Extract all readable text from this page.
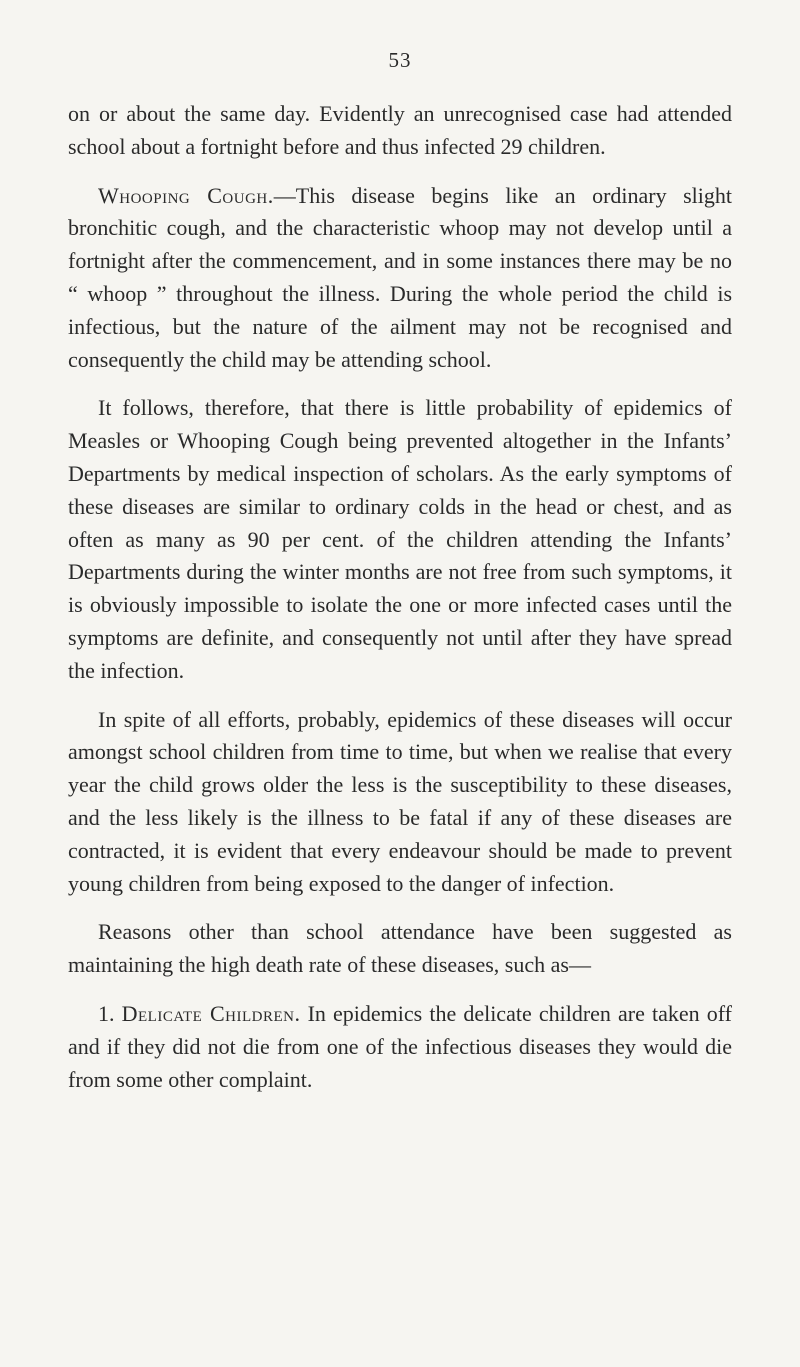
53

on or about the same day. Evidently an unrecognised case had attended school about a fortnight before and thus infected 29 children.

Whooping Cough.—This disease begins like an ordinary slight bronchitic cough, and the characteristic whoop may not develop until a fortnight after the commencement, and in some instances there may be no “ whoop ” throughout the illness. During the whole period the child is infectious, but the nature of the ailment may not be recognised and consequently the child may be attending school.

It follows, therefore, that there is little probability of epidemics of Measles or Whooping Cough being prevented altogether in the Infants’ Departments by medical inspection of scholars. As the early symptoms of these diseases are similar to ordinary colds in the head or chest, and as often as many as 90 per cent. of the children attending the Infants’ Departments during the winter months are not free from such symptoms, it is obviously impossible to isolate the one or more infected cases until the symptoms are definite, and consequently not until after they have spread the infection.

In spite of all efforts, probably, epidemics of these diseases will occur amongst school children from time to time, but when we realise that every year the child grows older the less is the susceptibility to these diseases, and the less likely is the illness to be fatal if any of these diseases are contracted, it is evident that every endeavour should be made to prevent young children from being exposed to the danger of infection.

Reasons other than school attendance have been suggested as maintaining the high death rate of these diseases, such as—

1. Delicate Children. In epidemics the delicate children are taken off and if they did not die from one of the infectious diseases they would die from some other complaint.
